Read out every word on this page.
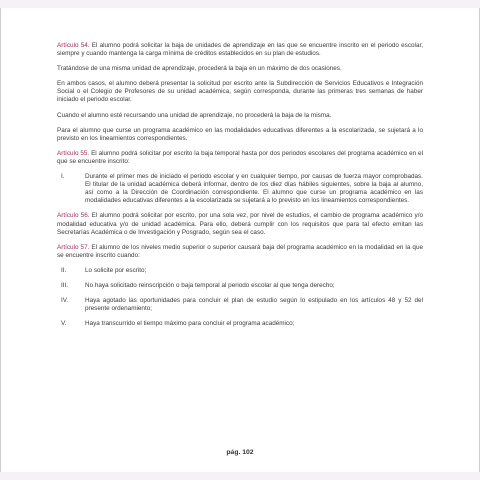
Artículo 54. El alumno podrá solicitar la baja de unidades de aprendizaje en las que se encuentre inscrito en el periodo escolar, siempre y cuando mantenga la carga mínima de créditos establecidos en su plan de estudios.

Tratándose de una misma unidad de aprendizaje, procederá la baja en un máximo de dos ocasiones.

En ambos casos, el alumno deberá presentar la solicitud por escrito ante la Subdirección de Servicios Educativos e Integración Social o el Colegio de Profesores de su unidad académica, según corresponda, durante las primeras tres semanas de haber iniciado el periodo escolar.

Cuando el alumno esté recursando una unidad de aprendizaje, no procederá la baja de la misma.

Para el alumno que curse un programa académico en las modalidades educativas diferentes a la escolarizada, se sujetará a lo previsto en los lineamientos correspondientes.

Artículo 55. El alumno podrá solicitar por escrito la baja temporal hasta por dos periodos escolares del programa académico en el que se encuentre inscrito:

I.	Durante el primer mes de iniciado el periodo escolar y en cualquier tiempo, por causas de fuerza mayor comprobadas. El titular de la unidad académica deberá informar, dentro de los diez días hábiles siguientes, sobre la baja al alumno, así como a la Dirección de Coordinación correspondiente. El alumno que curse un programa académico en las modalidades educativas diferentes a la escolarizada se sujetará a lo previsto en los lineamientos correspondientes.

Artículo 56. El alumno podrá solicitar por escrito, por una sola vez, por nivel de estudios, el cambio de programa académico y/o modalidad educativa y/o de unidad académica. Para ello, deberá cumplir con los requisitos que para tal efecto emitan las Secretarías Académica o de Investigación y Posgrado, según sea el caso.

Artículo 57. El alumno de los niveles medio superior o superior causará baja del programa académico en la modalidad en la que se encuentre inscrito cuando:

II.	Lo solicite por escrito;
III.	No haya solicitado reinscripción o baja temporal al periodo escolar al que tenga derecho;
IV.	Haya agotado las oportunidades para concluir el plan de estudio según lo estipulado en los artículos 48 y 52 del presente ordenamiento;
V.	Haya transcurrido el tiempo máximo para concluir el programa académico;
pág. 102
